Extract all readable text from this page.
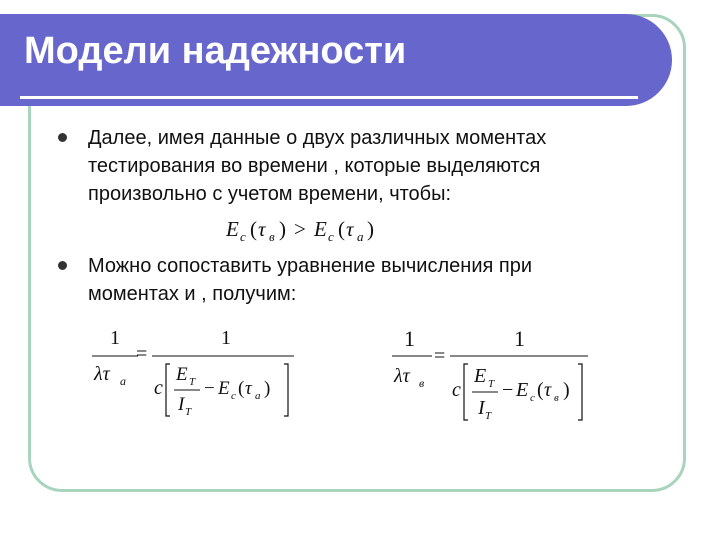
Модели надежности
Далее, имея данные о двух различных моментах
тестирования во времени , которые выделяются
произвольно с учетом времени, чтобы:
E c ( τ в ) > E c ( τ a )
Можно сопоставить уравнение вычисления при
моментах и , получим:
1
λτ a
=
1
c
E T
I T
− E c ( τ a )
1
λτ в
=
1
c
E T
I T
− E c ( τ в )
